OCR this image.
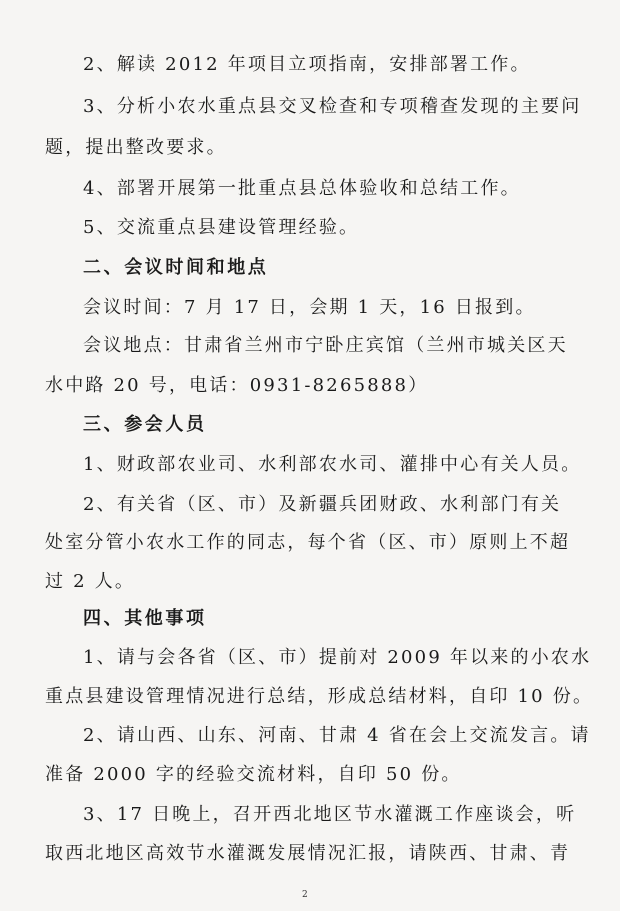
2、解读 2012 年项目立项指南，安排部署工作。
3、分析小农水重点县交叉检查和专项稽查发现的主要问
题，提出整改要求。
4、部署开展第一批重点县总体验收和总结工作。
5、交流重点县建设管理经验。
二、会议时间和地点
会议时间：7 月 17 日，会期 1 天，16 日报到。
会议地点：甘肃省兰州市宁卧庄宾馆（兰州市城关区天
水中路 20 号，电话：0931-8265888）
三、参会人员
1、财政部农业司、水利部农水司、灌排中心有关人员。
2、有关省（区、市）及新疆兵团财政、水利部门有关
处室分管小农水工作的同志，每个省（区、市）原则上不超
过 2 人。
四、其他事项
1、请与会各省（区、市）提前对 2009 年以来的小农水
重点县建设管理情况进行总结，形成总结材料，自印 10 份。
2、请山西、山东、河南、甘肃 4 省在会上交流发言。请
准备 2000 字的经验交流材料，自印 50 份。
3、17 日晚上，召开西北地区节水灌溉工作座谈会，听
取西北地区高效节水灌溉发展情况汇报，请陕西、甘肃、青
2
